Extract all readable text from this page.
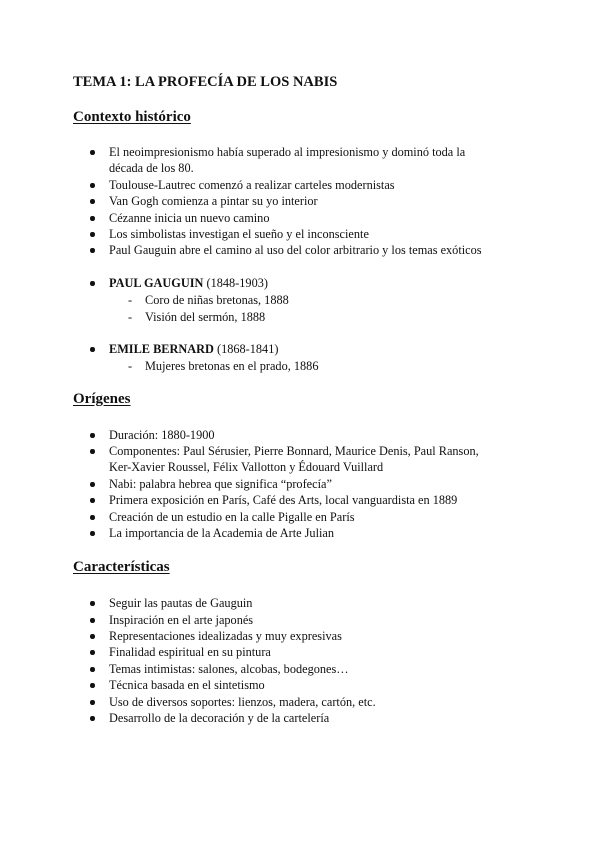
TEMA 1: LA PROFECÍA DE LOS NABIS
Contexto histórico
El neoimpresionismo había superado al impresionismo y dominó toda la
década de los 80.
Toulouse-Lautrec comenzó a realizar carteles modernistas
Van Gogh comienza a pintar su yo interior
Cézanne inicia un nuevo camino
Los simbolistas investigan el sueño y el inconsciente
Paul Gauguin abre el camino al uso del color arbitrario y los temas exóticos
PAUL GAUGUIN (1848-1903)
- Coro de niñas bretonas, 1888
- Visión del sermón, 1888
EMILE BERNARD (1868-1841)
- Mujeres bretonas en el prado, 1886
Orígenes
Duración: 1880-1900
Componentes: Paul Sérusier, Pierre Bonnard, Maurice Denis, Paul Ranson,
Ker-Xavier Roussel, Félix Vallotton y Édouard Vuillard
Nabi: palabra hebrea que significa “profecía”
Primera exposición en París, Café des Arts, local vanguardista en 1889
Creación de un estudio en la calle Pigalle en París
La importancia de la Academia de Arte Julian
Características
Seguir las pautas de Gauguin
Inspiración en el arte japonés
Representaciones idealizadas y muy expresivas
Finalidad espiritual en su pintura
Temas intimistas: salones, alcobas, bodegones…
Técnica basada en el sintetismo
Uso de diversos soportes: lienzos, madera, cartón, etc.
Desarrollo de la decoración y de la cartelería
